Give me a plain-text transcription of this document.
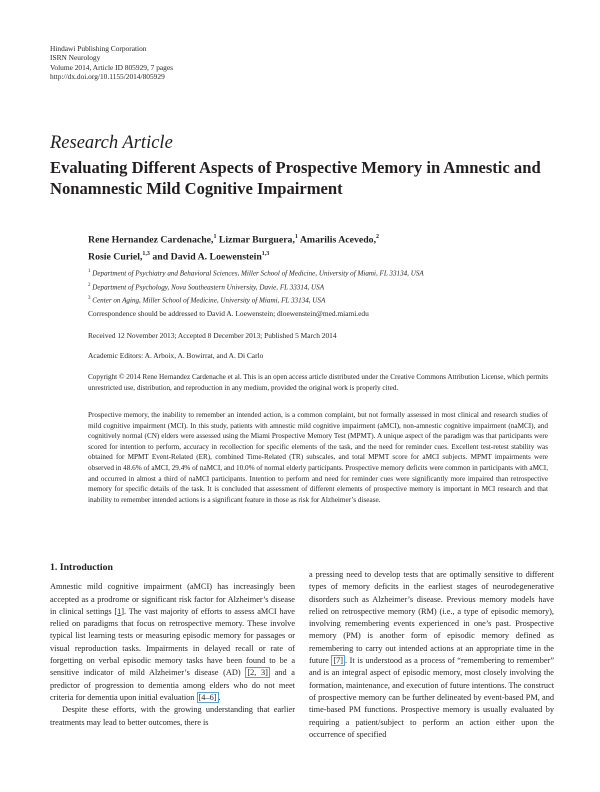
Hindawi Publishing Corporation
ISRN Neurology
Volume 2014, Article ID 805929, 7 pages
http://dx.doi.org/10.1155/2014/805929
Research Article
Evaluating Different Aspects of Prospective Memory in Amnestic and Nonamnestic Mild Cognitive Impairment
Rene Hernandez Cardenache,$^1$ Lizmar Burguera,$^1$ Amarilis Acevedo,$^2$
Rosie Curiel,$^{1,3}$ and David A. Loewenstein$^{1,3}$
$^1$ Department of Psychiatry and Behavioral Sciences, Miller School of Medicine, University of Miami, FL 33134, USA
$^2$ Department of Psychology, Nova Southeastern University, Davie, FL 33314, USA
$^3$ Center on Aging, Miller School of Medicine, University of Miami, FL 33134, USA
Correspondence should be addressed to David A. Loewenstein; dloewenstein@med.miami.edu
Received 12 November 2013; Accepted 8 December 2013; Published 5 March 2014
Academic Editors: A. Arboix, A. Bowirrat, and A. Di Carlo
Copyright © 2014 Rene Hernandez Cardenache et al. This is an open access article distributed under the Creative Commons Attribution License, which permits unrestricted use, distribution, and reproduction in any medium, provided the original work is properly cited.
Prospective memory, the inability to remember an intended action, is a common complaint, but not formally assessed in most clinical and research studies of mild cognitive impairment (MCI). In this study, patients with amnestic mild cognitive impairment (aMCI), non-amnestic cognitive impairment (naMCI), and cognitively normal (CN) elders were assessed using the Miami Prospective Memory Test (MPMT). A unique aspect of the paradigm was that participants were scored for intention to perform, accuracy in recollection for specific elements of the task, and the need for reminder cues. Excellent test-retest stability was obtained for MPMT Event-Related (ER), combined Time-Related (TR) subscales, and total MPMT score for aMCI subjects. MPMT impairments were observed in 48.6% of aMCI, 29.4% of naMCI, and 10.0% of normal elderly participants. Prospective memory deficits were common in participants with aMCI, and occurred in almost a third of naMCI participants. Intention to perform and need for reminder cues were significantly more impaired than retrospective memory for specific details of the task. It is concluded that assessment of different elements of prospective memory is important in MCI research and that inability to remember intended actions is a significant feature in those as risk for Alzheimer’s disease.
1. Introduction

Amnestic mild cognitive impairment (aMCI) has increasingly been accepted as a prodrome or significant risk factor for Alzheimer’s disease in clinical settings [1]. The vast majority of efforts to assess aMCI have relied on paradigms that focus on retrospective memory. These involve typical list learning tests or measuring episodic memory for passages or visual reproduction tasks. Impairments in delayed recall or rate of forgetting on verbal episodic memory tasks have been found to be a sensitive indicator of mild Alzheimer’s disease (AD) [2, 3] and a predictor of progression to dementia among elders who do not meet criteria for dementia upon initial evaluation [4–6] .

Despite these efforts, with the growing understanding that earlier treatments may lead to better outcomes, there is

a pressing need to develop tests that are optimally sensitive to different types of memory deficits in the earliest stages of neurodegenerative disorders such as Alzheimer’s disease. Previous memory models have relied on retrospective memory (RM) (i.e., a type of episodic memory), involving remembering events experienced in one’s past. Prospective memory (PM) is another form of episodic memory defined as remembering to carry out intended actions at an appropriate time in the future [7] . It is understood as a process of “remembering to remember” and is an integral aspect of episodic memory, most closely involving the formation, maintenance, and execution of future intentions. The construct of prospective memory can be further delineated by event-based PM, and time-based PM functions. Prospective memory is usually evaluated by requiring a patient/subject to perform an action either upon the occurrence of specified
